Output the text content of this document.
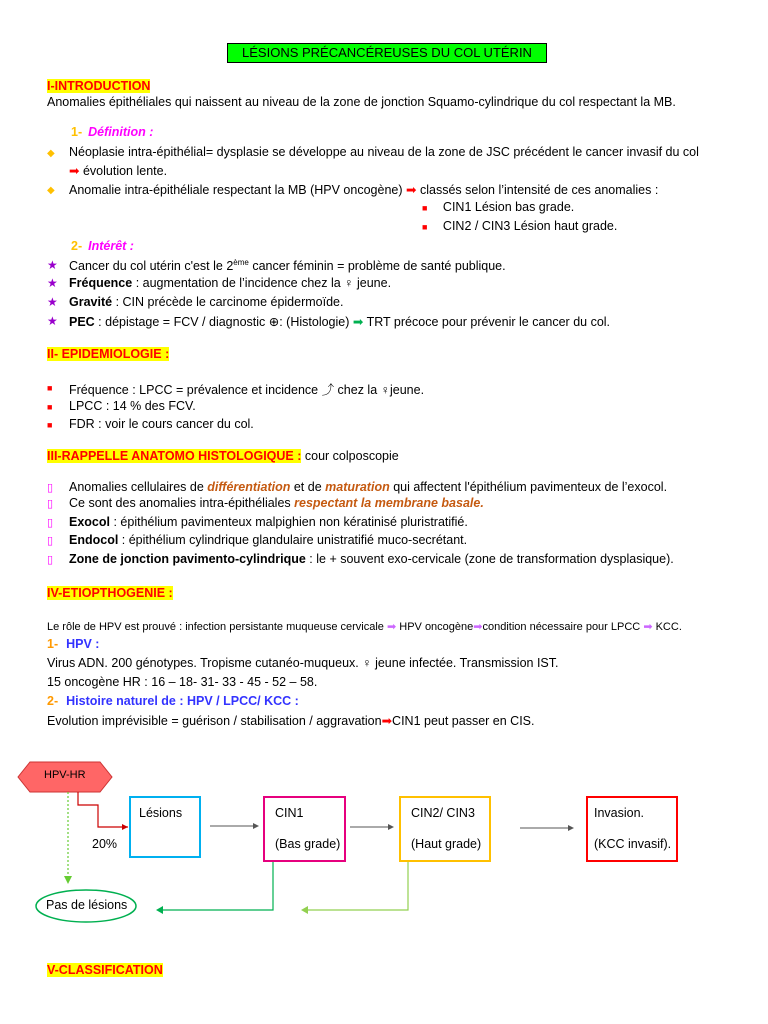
LÉSIONS PRÉCANCÉREUSES DU COL UTÉRIN
I-INTRODUCTION
Anomalies épithéliales qui naissent au niveau de la zone de jonction Squamo-cylindrique du col respectant la MB.
1- Définition :
◆ Néoplasie intra-épithélial= dysplasie se développe au niveau de la zone de JSC précédent le cancer invasif du col
➡ évolution lente.
◆ Anomalie intra-épithéliale respectant la MB (HPV oncogène) ➡ classés selon l’intensité de ces anomalies :
■ CIN1 Lésion bas grade.
■ CIN2 / CIN3 Lésion haut grade.
2- Intérêt :
★ Cancer du col utérin c'est le 2ème cancer féminin = problème de santé publique.
★ Fréquence : augmentation de l’incidence chez la ♀ jeune.
★ Gravité : CIN précède le carcinome épidermoïde.
★ PEC : dépistage = FCV / diagnostic ⊕: (Histologie) ➡ TRT précoce pour prévenir le cancer du col.
II- EPIDEMIOLOGIE :
■ Fréquence : LPCC = prévalence et incidence ⤴ chez la ♀jeune.
■ LPCC : 14 % des FCV.
■ FDR : voir le cours cancer du col.
III-RAPPELLE ANATOMO HISTOLOGIQUE : cour colposcopie
▯ Anomalies cellulaires de différentiation et de maturation qui affectent l'épithélium pavimenteux de l’exocol.
▯ Ce sont des anomalies intra-épithéliales respectant la membrane basale.
▯ Exocol : épithélium pavimenteux malpighien non kératinisé pluristratifié.
▯ Endocol : épithélium cylindrique glandulaire unistratifié muco-secrétant.
▯ Zone de jonction pavimento-cylindrique : le + souvent exo-cervicale (zone de transformation dysplasique).
IV-ETIOPTHOGENIE :
Le rôle de HPV est prouvé : infection persistante muqueuse cervicale ➡ HPV oncogène➡condition nécessaire pour LPCC ➡ KCC.
1- HPV :
Virus ADN. 200 génotypes. Tropisme cutanéo-muqueux. ♀ jeune infectée. Transmission IST.
15 oncogène HR : 16 – 18- 31- 33 - 45 - 52 – 58.
2- Histoire naturel de : HPV / LPCC/ KCC :
Evolution imprévisible = guérison / stabilisation / aggravation➡CIN1 peut passer en CIS.
HPV-HR
20%
Lésions	CIN1
(Bas grade)
CIN2/ CIN3
(Haut grade)
Invasion.
(KCC invasif).
Pas de lésions
V-CLASSIFICATION
